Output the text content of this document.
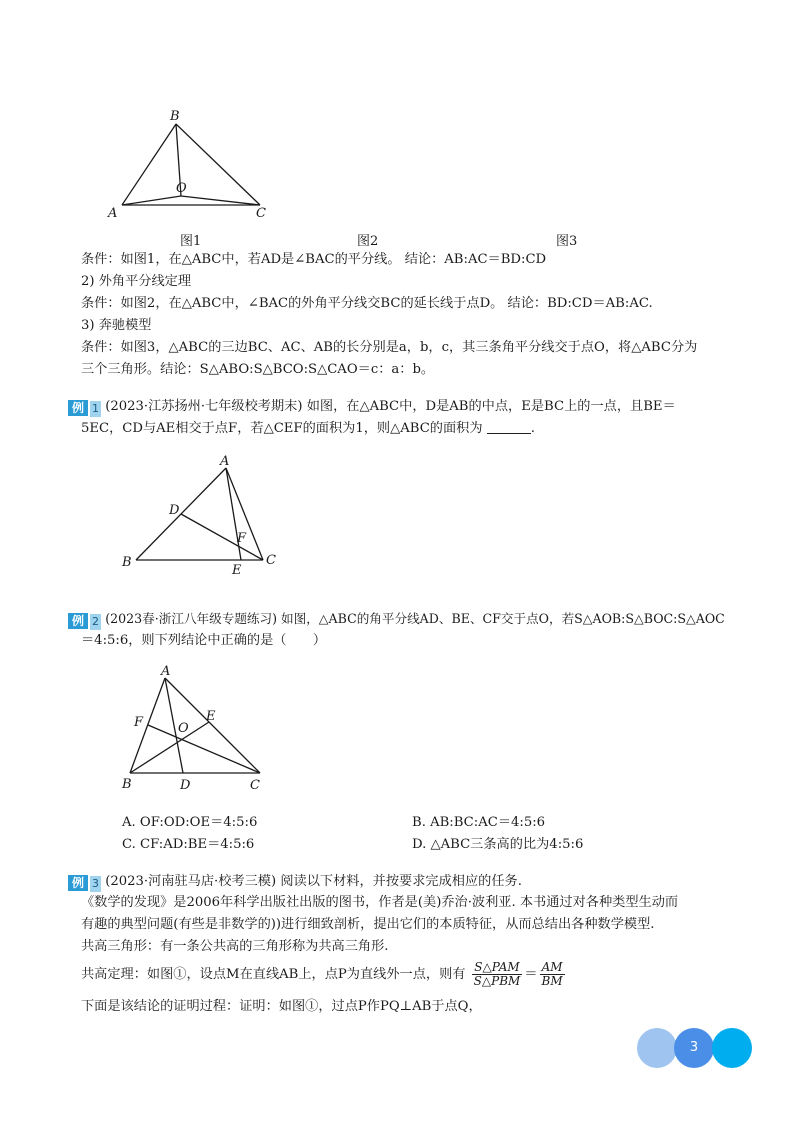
B
O
A	C
图1	图2	图3
条件：如图1，在△ABC中，若AD是∠BAC的平分线。 结论：AB:AC＝BD:CD
2) 外角平分线定理
条件：如图2，在△ABC中，∠BAC的外角平分线交BC的延长线于点D。 结论：BD:CD＝AB:AC.
3) 奔驰模型
条件：如图3，△ABC的三边BC、AC、AB的长分别是a，b，c，其三条角平分线交于点O，将△ABC分为
三个三角形。结论：S△ABO:S△BCO:S△CAO＝c：a：b。
例 1 (2023·江苏扬州·七年级校考期末) 如图，在△ABC中，D是AB的中点，E是BC上的一点，且BE＝
5EC，CD与AE相交于点F，若△CEF的面积为1，则△ABC的面积为	.
A
D
F
B
E
C
例 2 (2023春·浙江八年级专题练习) 如图，△ABC的角平分线AD、BE、CF交于点O，若S△AOB:S△BOC:S△AOC
＝4:5:6，则下列结论中正确的是（　　）
A
F	O
E
B	D	C
A. OF:OD:OE＝4:5:6	B. AB:BC:AC＝4:5:6
C. CF:AD:BE＝4:5:6	D. △ABC三条高的比为4:5:6
例 3 (2023·河南驻马店·校考三模) 阅读以下材料，并按要求完成相应的任务.
《数学的发现》是2006年科学出版社出版的图书，作者是(美)乔治·波利亚. 本书通过对各种类型生动而
有趣的典型问题(有些是非数学的))进行细致剖析，提出它们的本质特征，从而总结出各种数学模型.
共高三角形：有一条公共高的三角形称为共高三角形.
共高定理：如图①，设点M在直线AB上，点P为直线外一点，则有 $\frac{\text{S△PAM}}{\text{S△PBM}} = \frac{AM}{BM}$
下面是该结论的证明过程：证明：如图①，过点P作PQ⊥AB于点Q，
3
